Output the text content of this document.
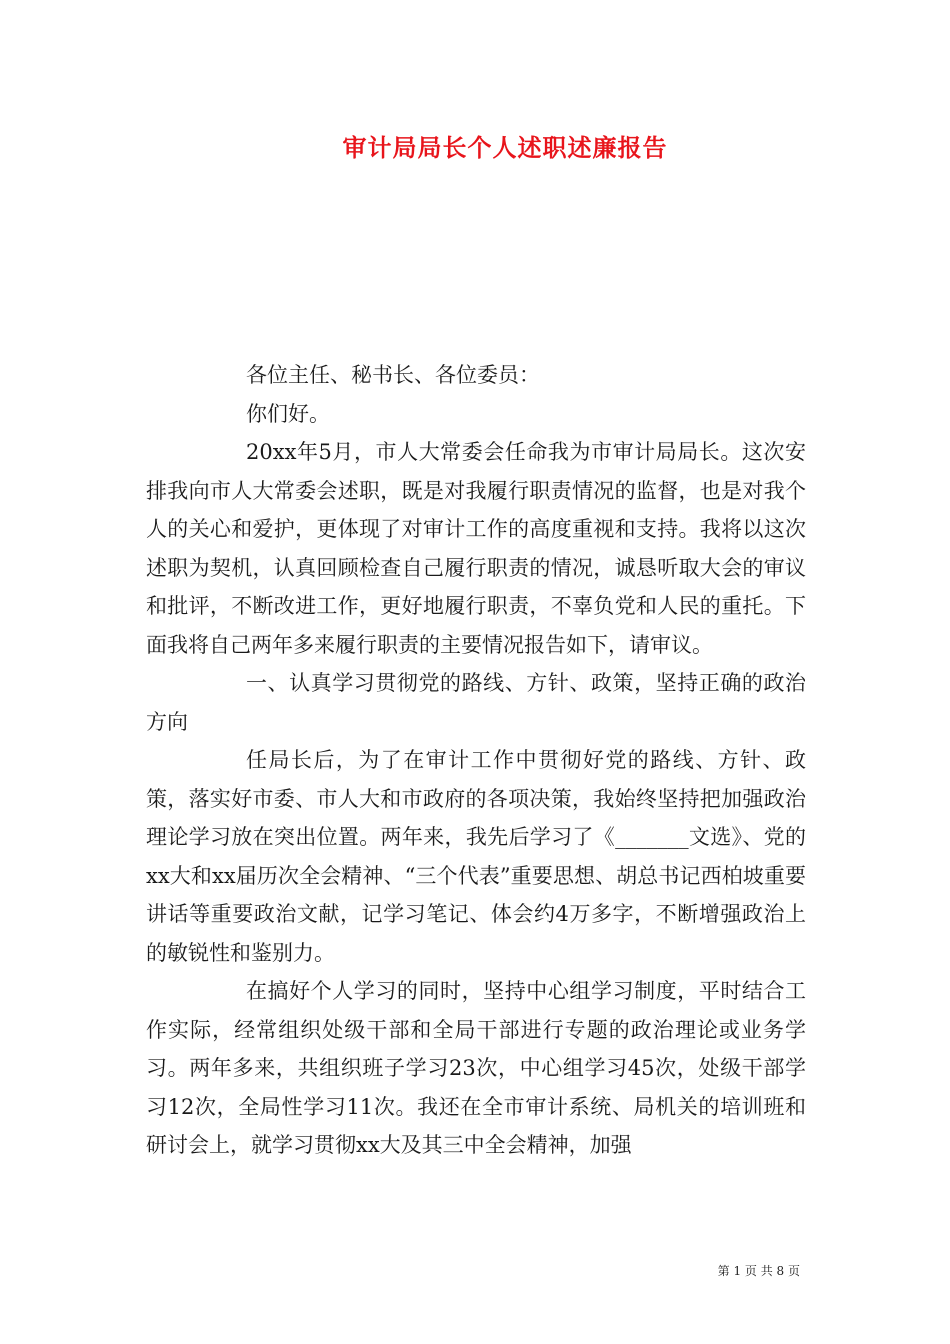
审计局局长个人述职述廉报告

各位主任、秘书长、各位委员：

你们好。

20xx年5月，市人大常委会任命我为市审计局局长。这次安排我向市人大常委会述职，既是对我履行职责情况的监督，也是对我个人的关心和爱护，更体现了对审计工作的高度重视和支持。我将以这次述职为契机，认真回顾检查自己履行职责的情况，诚恳听取大会的审议和批评，不断改进工作，更好地履行职责，不辜负党和人民的重托。下面我将自己两年多来履行职责的主要情况报告如下，请审议。

一、认真学习贯彻党的路线、方针、政策，坚持正确的政治方向

任局长后，为了在审计工作中贯彻好党的路线、方针、政策，落实好市委、市人大和市政府的各项决策，我始终坚持把加强政治理论学习放在突出位置。两年来，我先后学习了《_______文选》、党的xx大和xx届历次全会精神、“三个代表”重要思想、胡总书记西柏坡重要讲话等重要政治文献，记学习笔记、体会约4万多字，不断增强政治上的敏锐性和鉴别力。

在搞好个人学习的同时，坚持中心组学习制度，平时结合工作实际，经常组织处级干部和全局干部进行专题的政治理论或业务学习。两年多来，共组织班子学习23次，中心组学习45次，处级干部学习12次，全局性学习11次。我还在全市审计系统、局机关的培训班和研讨会上，就学习贯彻xx大及其三中全会精神，加强

第 1 页 共 8 页
